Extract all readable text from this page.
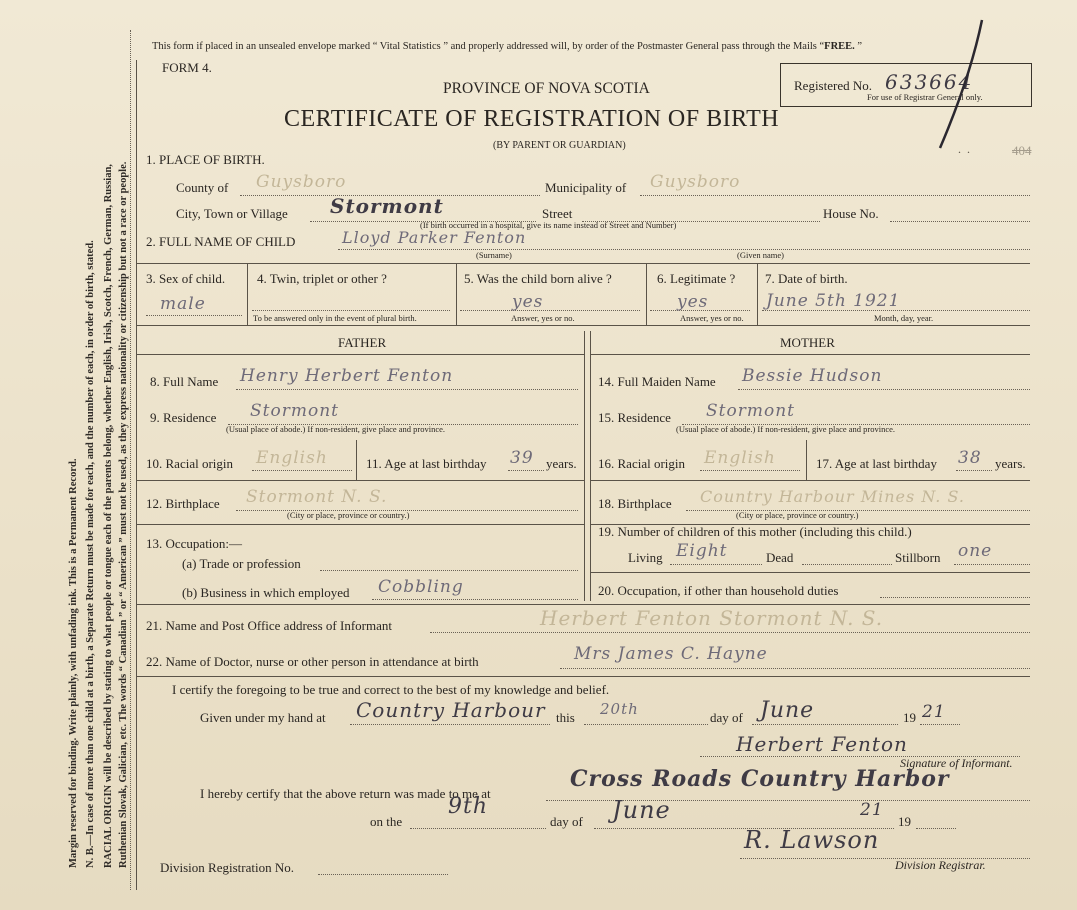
Margin reserved for binding. Write plainly, with unfading ink. This is a Permanent Record. N. B.—In case of more than one child at a birth, a Separate Return must be made for each, and the number of each, in order of birth, stated. RACIAL ORIGIN will be described by stating to what people or tongue each of the parents belong, whether English, Irish, Scotch, French, German, Russian, Ruthenian Slovak, Galician, etc. The words “ Canadian ” or “ American ” must not be used, as they express nationality or citizenship but not a race or people.
This form if placed in an unsealed envelope marked “ Vital Statistics ” and properly addressed will, by order of the Postmaster General pass through the Mails “FREE. ”
FORM 4.
PROVINCE OF NOVA SCOTIA
CERTIFICATE OF REGISTRATION OF BIRTH
(BY PARENT OR GUARDIAN)
Registered No. 633664
For use of Registrar General only.
404
.  .
1. PLACE OF BIRTH.
County of Guysboro	Municipality of Guysboro
City, Town or Village Stormont	Street	House No.
(If birth occurred in a hospital, give its name instead of Street and Number)
2. FULL NAME OF CHILD	Lloyd Parker Fenton
(Surname)	(Given name)
3. Sex of child.
male
4. Twin, triplet or other ?
To be answered only in the event of plural birth.
5. Was the child born alive ?
yes
Answer, yes or no.
6. Legitimate ?
yes
Answer, yes or no.
7. Date of birth.
June 5th 1921
Month, day, year.
FATHER	MOTHER
8. Full Name Henry Herbert Fenton
9. Residence Stormont
(Usual place of abode.) If non-resident, give place and province.
10. Racial origin English	11. Age at last birthday 39 years.
12. Birthplace Stormont N. S.
(City or place, province or country.)
13. Occupation:—
(a) Trade or profession
(b) Business in which employed Cobbling
14. Full Maiden Name Bessie Hudson
15. Residence Stormont
(Usual place of abode.) If non-resident, give place and province.
16. Racial origin English	17. Age at last birthday 38 years.
18. Birthplace Country Harbour Mines N. S.
(City or place, province or country.)
19. Number of children of this mother (including this child.)
Living Eight	Dead	Stillborn one
20. Occupation, if other than household duties
21. Name and Post Office address of Informant	Herbert Fenton Stormont N. S.
22. Name of Doctor, nurse or other person in attendance at birth	Mrs James C. Hayne
I certify the foregoing to be true and correct to the best of my knowledge and belief.
Given under my hand at Country Harbour this 20th	day of June	19 21
Herbert Fenton
Signature of Informant.
I hereby certify that the above return was made to me at
Cross Roads Country Harbor
on the
9th
day of June	19
21
Division Registration No.
R. Lawson
Division Registrar.
